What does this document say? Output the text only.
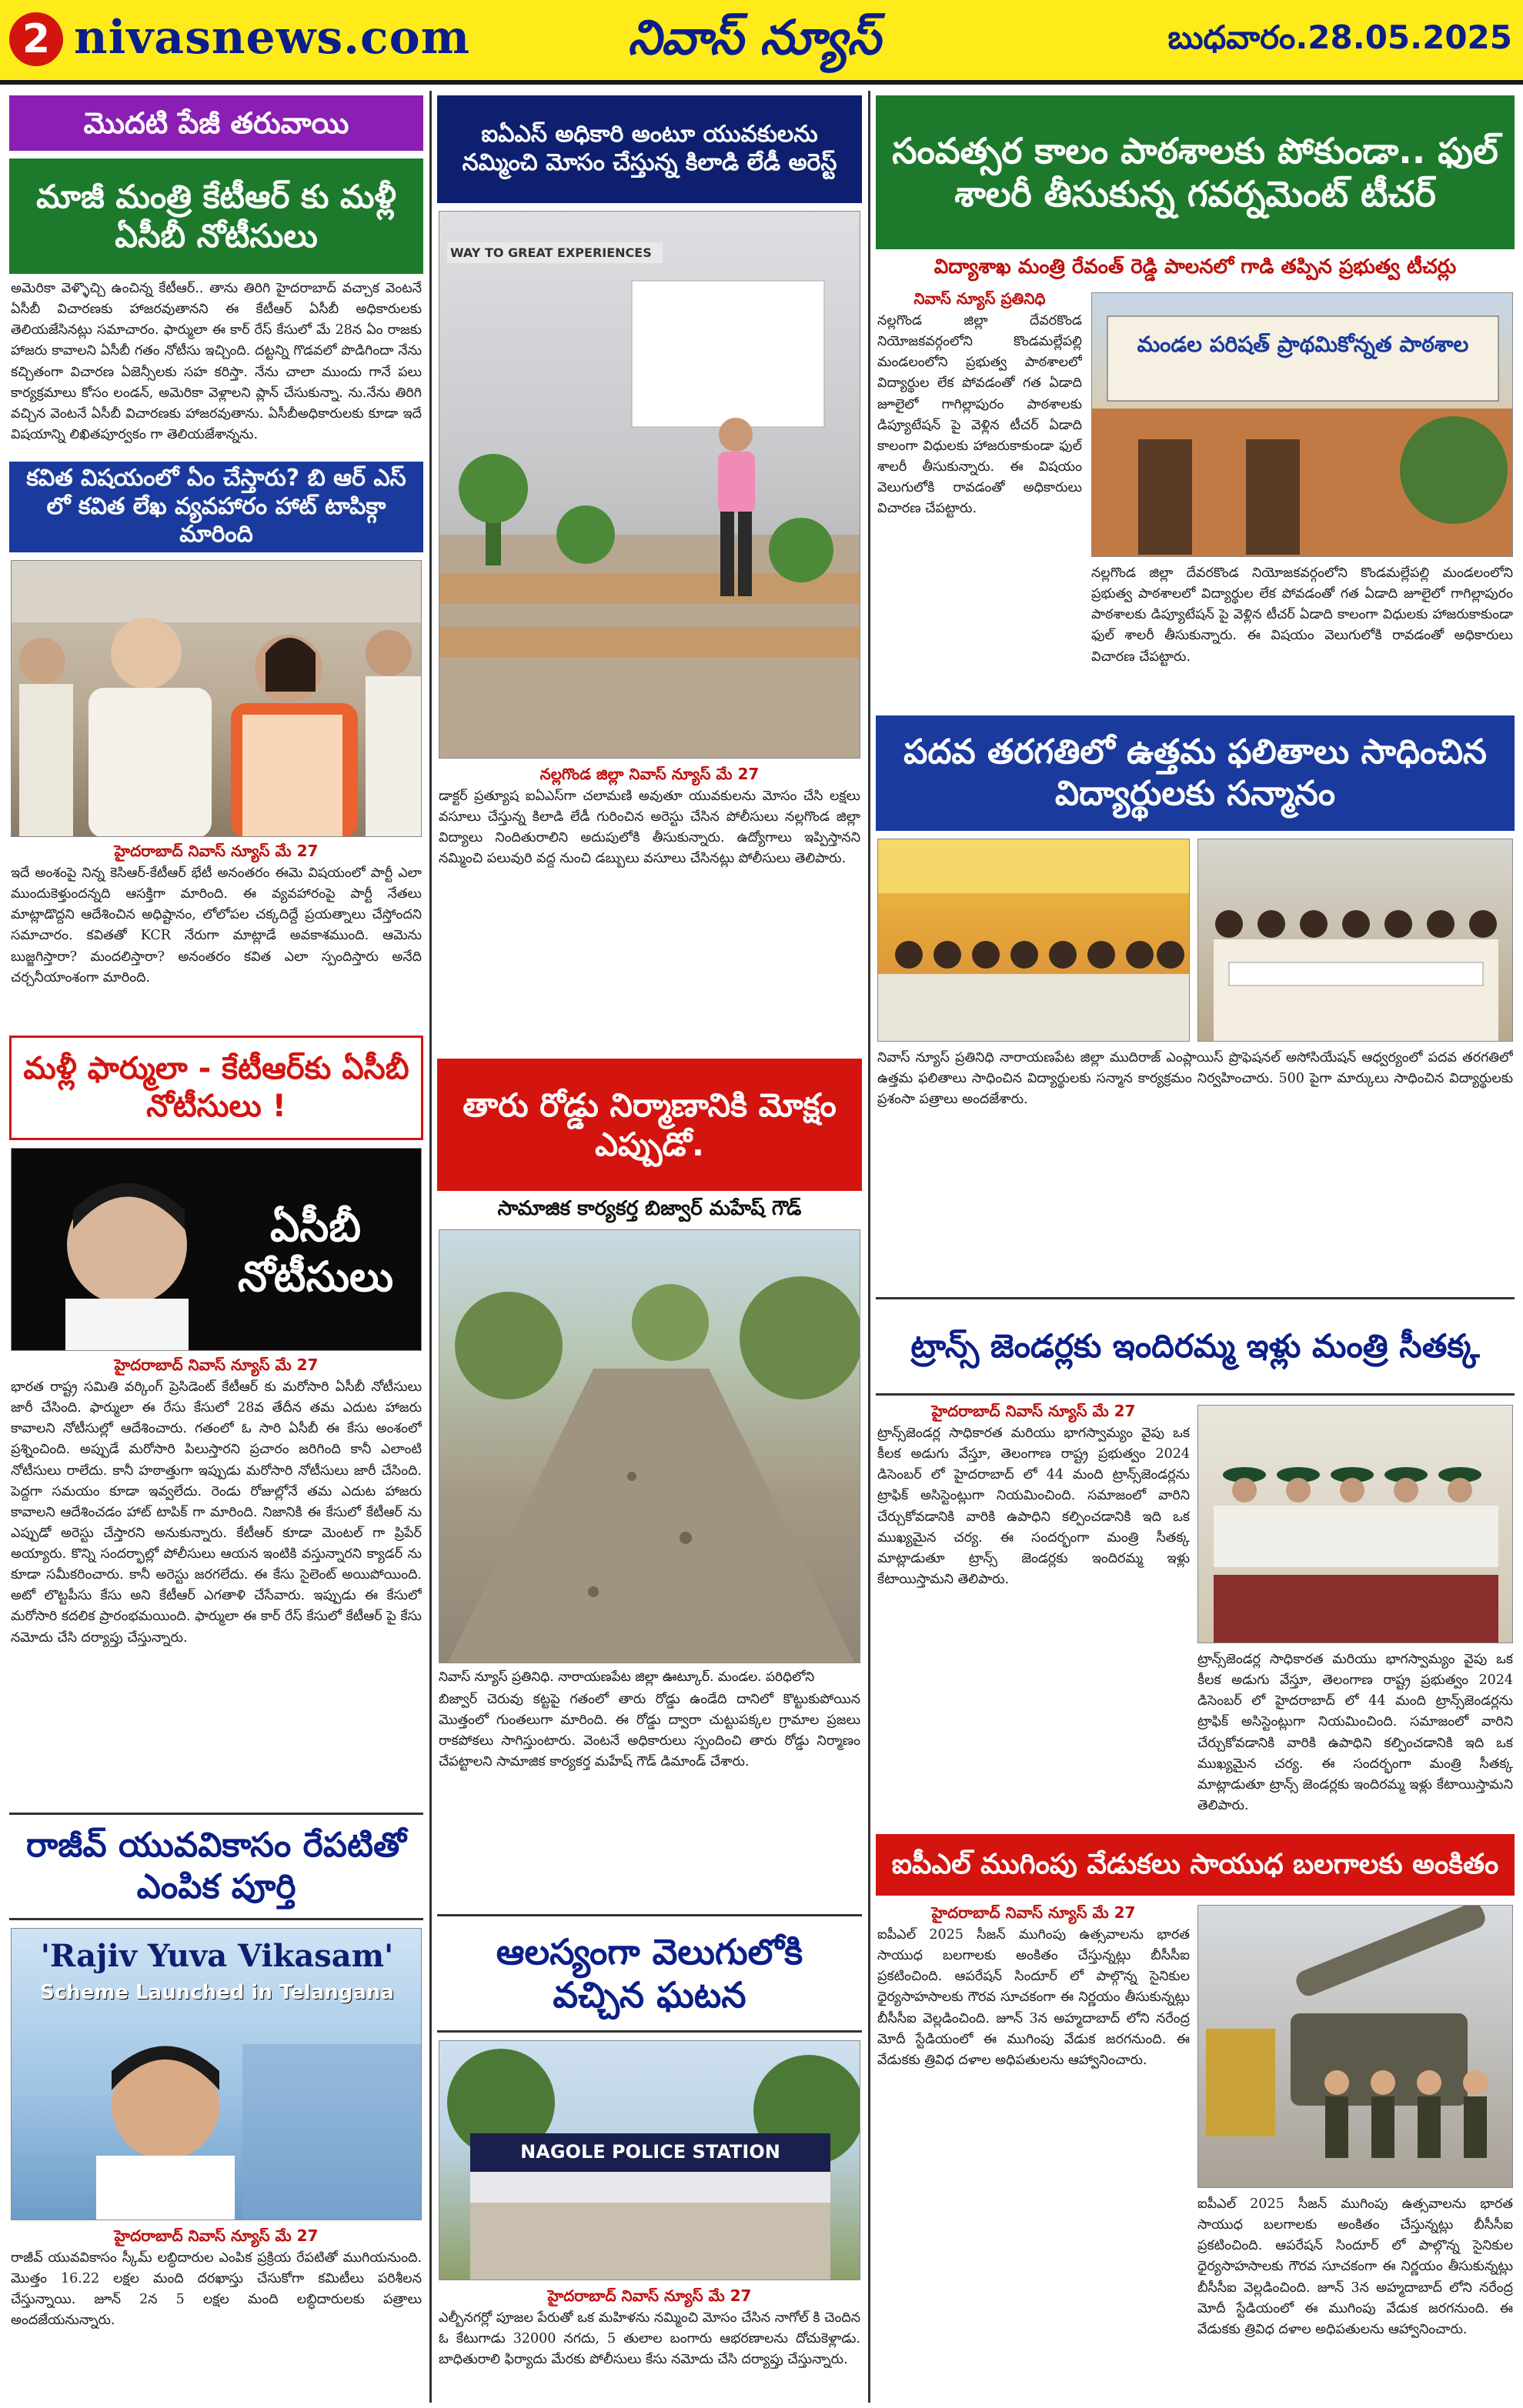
2 nivasnews.com	నివాస్ న్యూస్	బుధవారం.28.05.2025
మొదటి పేజీ తరువాయి
మాజీ మంత్రి కేటీఆర్ కు మళ్లీ ఏసీబీ నోటీసులు
అమెరికా వెళ్ళొచ్చి ఉంచిన్న కేటీఆర్.. తాను తిరిగి హైదరాబాద్ వచ్చాక వెంటనే ఏసీబీ విచారణకు హాజరవుతానని ఈ కేటీఆర్ ఏసీబీ అధికారులకు తెలియజేసినట్లు సమాచారం. ఫార్ములా ఈ కార్ రేస్ కేసులో మే 28న ఏం రాజకు హాజరు కావాలని ఏసీబీ గతం నోటీసు ఇచ్చింది. దట్టన్ని గొడవలో పొడిగిందా నేను కచ్చితంగా విచారణ ఏజెన్సీలకు సహ కరిస్తా. నేను చాలా ముందు గానే పలు కార్యక్రమాలు కోసం లండన్, అమెరికా వెళ్లాలని ప్లాన్ చేసుకున్నా. ను.నేను తిరిగి వచ్చిన వెంటనే ఏసీబీ విచారణకు హాజరవుతాను. ఏసీబీఅధికారులకు కూడా ఇదే విషయాన్ని లిఖితపూర్వకం గా తెలియజేశాన్నను.
కవిత విషయంలో ఏం చేస్తారు? బి ఆర్ ఎస్ లో కవిత లేఖ వ్యవహారం హాట్ టాపిక్గా మారింది
హైదరాబాద్ నివాస్ న్యూస్ మే 27
ఇదే అంశంపై నిన్న కెసిఆర్-కేటీఆర్ భేటీ అనంతరం ఈమె విషయంలో పార్టీ ఎలా ముందుకెళ్తుందన్నది ఆసక్తిగా మారింది. ఈ వ్యవహారంపై పార్టీ నేతలు మాట్లాడొద్దని ఆదేశించిన అధిష్టానం, లోలోపల చక్కదిద్దే ప్రయత్నాలు చేస్తోందని సమాచారం. కవితతో KCR నేరుగా మాట్లాడే అవకాశముంది. ఆమెను బుజ్జగిస్తారా? మందలిస్తారా? అనంతరం కవిత ఎలా స్పందిస్తారు అనేది చర్చనీయాంశంగా మారింది.
మళ్లీ ఫార్ములా - కేటీఆర్‌కు ఏసీబీ నోటీసులు !
ఏసీబీ నోటీసులు
హైదరాబాద్ నివాస్ న్యూస్ మే 27
భారత రాష్ట్ర సమితి వర్కింగ్ ప్రెసిడెంట్ కేటీఆర్ కు మరోసారి ఏసీబీ నోటీసులు జారీ చేసింది. ఫార్ములా ఈ రేసు కేసులో 28వ తేదీన తమ ఎదుట హాజరు కావాలని నోటీసుల్లో ఆదేశించారు. గతంలో ఓ సారి ఏసీబీ ఈ కేసు అంశంలో ప్రశ్నించింది. అప్పుడే మరోసారి పిలుస్తారని ప్రచారం జరిగింది కానీ ఎలాంటి నోటీసులు రాలేదు. కానీ హఠాత్తుగా ఇప్పుడు మరోసారి నోటీసులు జారీ చేసింది. పెద్దగా సమయం కూడా ఇవ్వలేదు. రెండు రోజుల్లోనే తమ ఎదుట హాజరు కావాలని ఆదేశించడం హాట్ టాపిక్ గా మారింది. నిజానికి ఈ కేసులో కేటీఆర్ ను ఎప్పుడో అరెస్టు చేస్తారని అనుకున్నారు. కేటీఆర్ కూడా మెంటల్ గా ప్రిపేర్ అయ్యారు. కొన్ని సందర్భాల్లో పోలీసులు ఆయన ఇంటికి వస్తున్నారని క్యాడర్ ను కూడా సమీకరించారు. కానీ అరెస్టు జరగలేదు. ఈ కేసు సైలెంట్ అయిపోయింది. అటో లొట్టపీసు కేసు అని కేటీఆర్ ఎగతాళి చేసేవారు. ఇప్పుడు ఈ కేసులో మరోసారి కదలిక ప్రారంభమయింది. ఫార్ములా ఈ కార్ రేస్ కేసులో కేటీఆర్ పై కేసు నమోదు చేసి దర్యాప్తు చేస్తున్నారు.
రాజీవ్ యువవికాసం రేపటితో ఎంపిక పూర్తి
'Rajiv Yuva Vikasam'
Scheme Launched in Telangana
హైదరాబాద్ నివాస్ న్యూస్ మే 27
రాజీవ్ యువవికాసం స్కీమ్ లబ్ధిదారుల ఎంపిక ప్రక్రియ రేపటితో ముగియనుంది. మొత్తం 16.22 లక్షల మంది దరఖాస్తు చేసుకోగా కమిటీలు పరిశీలన చేస్తున్నాయి. జూన్ 2న 5 లక్షల మంది లబ్ధిదారులకు పత్రాలు అందజేయనున్నారు.
ఐఏఎస్ అధికారి అంటూ యువకులను నమ్మించి మోసం చేస్తున్న కిలాడి లేడీ అరెస్ట్
WAY TO GREAT EXPERIENCES
నల్లగొండ జిల్లా నివాస్ న్యూస్ మే 27
డాక్టర్ ప్రత్యూష ఐఏఎస్‌గా చలామణి అవుతూ యువకులను మోసం చేసి లక్షలు వసూలు చేస్తున్న కిలాడి లేడీ గురించిన అరెస్టు చేసిన పోలీసులు నల్లగొండ జిల్లా విద్యాలు నిందితురాలిని అదుపులోకి తీసుకున్నారు. ఉద్యోగాలు ఇప్పిస్తానని నమ్మించి పలువురి వద్ద నుంచి డబ్బులు వసూలు చేసినట్లు పోలీసులు తెలిపారు.
తారు రోడ్డు నిర్మాణానికి మోక్షం ఎప్పుడో.
సామాజిక కార్యకర్త బిజ్వార్ మహేష్ గౌడ్
నివాస్ న్యూస్ ప్రతినిధి. నారాయణపేట జిల్లా ఊట్కూర్. మండల. పరిధిలోని
బిజ్వార్ చెరువు కట్టపై గతంలో తారు రోడ్డు ఉండేది దానిలో కొట్టుకుపోయిన మొత్తంలో గుంతలుగా మారింది. ఈ రోడ్డు ద్వారా చుట్టుపక్కల గ్రామాల ప్రజలు రాకపోకలు సాగిస్తుంటారు. వెంటనే అధికారులు స్పందించి తారు రోడ్డు నిర్మాణం చేపట్టాలని సామాజిక కార్యకర్త మహేష్ గౌడ్ డిమాండ్ చేశారు.
ఆలస్యంగా వెలుగులోకి వచ్చిన ఘటన
NAGOLE POLICE STATION
హైదరాబాద్ నివాస్ న్యూస్ మే 27
ఎల్బీనగర్లో పూజల పేరుతో ఒక మహిళను నమ్మించి మోసం చేసిన నాగోల్ కి చెందిన ఓ కేటుగాడు 32000 నగదు, 5 తులాల బంగారు ఆభరణాలను దోచుకెళ్లాడు. బాధితురాలి ఫిర్యాదు మేరకు పోలీసులు కేసు నమోదు చేసి దర్యాప్తు చేస్తున్నారు.
సంవత్సర కాలం పాఠశాలకు పోకుండా.. ఫుల్ శాలరీ తీసుకున్న గవర్నమెంట్ టీచర్
విద్యాశాఖ మంత్రి రేవంత్ రెడ్డి పాలనలో గాడి తప్పిన ప్రభుత్వ టీచర్లు
నివాస్ న్యూస్ ప్రతినిధి
నల్లగొండ జిల్లా దేవరకొండ నియోజకవర్గంలోని కొండమల్లేపల్లి మండలంలోని ప్రభుత్వ పాఠశాలలో విద్యార్థుల లేక పోవడంతో గత ఏడాది జూలైలో గాగిల్లాపురం పాఠశాలకు డిప్యూటేషన్ పై వెళ్లిన టీచర్ ఏడాది కాలంగా విధులకు హాజరుకాకుండా ఫుల్ శాలరీ తీసుకున్నారు. ఈ విషయం వెలుగులోకి రావడంతో అధికారులు విచారణ చేపట్టారు.
మండల పరిషత్ ప్రాథమికోన్నత పాఠశాల
నల్లగొండ జిల్లా దేవరకొండ నియోజకవర్గంలోని కొండమల్లేపల్లి మండలంలోని ప్రభుత్వ పాఠశాలలో విద్యార్థుల లేక పోవడంతో గత ఏడాది జూలైలో గాగిల్లాపురం పాఠశాలకు డిప్యూటేషన్ పై వెళ్లిన టీచర్ ఏడాది కాలంగా విధులకు హాజరుకాకుండా ఫుల్ శాలరీ తీసుకున్నారు. ఈ విషయం వెలుగులోకి రావడంతో అధికారులు విచారణ చేపట్టారు.
పదవ తరగతిలో ఉత్తమ ఫలితాలు సాధించిన విద్యార్థులకు సన్మానం
నివాస్ న్యూస్ ప్రతినిధి నారాయణపేట జిల్లా ముదిరాజ్ ఎంప్లాయిస్ ప్రొఫెషనల్ అసోసియేషన్ ఆధ్వర్యంలో పదవ తరగతిలో ఉత్తమ ఫలితాలు సాధించిన విద్యార్థులకు సన్మాన కార్యక్రమం నిర్వహించారు. 500 పైగా మార్కులు సాధించిన విద్యార్థులకు ప్రశంసా పత్రాలు అందజేశారు.
ట్రాన్స్ జెండర్లకు ఇందిరమ్మ ఇళ్లు మంత్రి సీతక్క
హైదరాబాద్ నివాస్ న్యూస్ మే 27
ట్రాన్స్‌జెండర్ల సాధికారత మరియు భాగస్వామ్యం వైపు ఒక కీలక అడుగు వేస్తూ, తెలంగాణ రాష్ట్ర ప్రభుత్వం 2024 డిసెంబర్ లో హైదరాబాద్ లో 44 మంది ట్రాన్స్‌జెండర్లను ట్రాఫిక్ అసిస్టెంట్లుగా నియమించింది. సమాజంలో వారిని చేర్చుకోవడానికి వారికి ఉపాధిని కల్పించడానికి ఇది ఒక ముఖ్యమైన చర్య. ఈ సందర్భంగా మంత్రి సీతక్క మాట్లాడుతూ ట్రాన్స్ జెండర్లకు ఇందిరమ్మ ఇళ్లు కేటాయిస్తామని తెలిపారు.
ట్రాన్స్‌జెండర్ల సాధికారత మరియు భాగస్వామ్యం వైపు ఒక కీలక అడుగు వేస్తూ, తెలంగాణ రాష్ట్ర ప్రభుత్వం 2024 డిసెంబర్ లో హైదరాబాద్ లో 44 మంది ట్రాన్స్‌జెండర్లను ట్రాఫిక్ అసిస్టెంట్లుగా నియమించింది. సమాజంలో వారిని చేర్చుకోవడానికి వారికి ఉపాధిని కల్పించడానికి ఇది ఒక ముఖ్యమైన చర్య. ఈ సందర్భంగా మంత్రి సీతక్క మాట్లాడుతూ ట్రాన్స్ జెండర్లకు ఇందిరమ్మ ఇళ్లు కేటాయిస్తామని తెలిపారు.
ఐపీఎల్ ముగింపు వేడుకలు సాయుధ బలగాలకు అంకితం
హైదరాబాద్ నివాస్ న్యూస్ మే 27
ఐపీఎల్ 2025 సీజన్ ముగింపు ఉత్సవాలను భారత సాయుధ బలగాలకు అంకితం చేస్తున్నట్లు బీసీసీఐ ప్రకటించింది. ఆపరేషన్ సిందూర్ లో పాల్గొన్న సైనికుల ధైర్యసాహసాలకు గౌరవ సూచకంగా ఈ నిర్ణయం తీసుకున్నట్లు బీసీసీఐ వెల్లడించింది. జూన్ 3న అహ్మదాబాద్ లోని నరేంద్ర మోదీ స్టేడియంలో ఈ ముగింపు వేడుక జరగనుంది. ఈ వేడుకకు త్రివిధ దళాల అధిపతులను ఆహ్వానించారు.
ఐపీఎల్ 2025 సీజన్ ముగింపు ఉత్సవాలను భారత సాయుధ బలగాలకు అంకితం చేస్తున్నట్లు బీసీసీఐ ప్రకటించింది. ఆపరేషన్ సిందూర్ లో పాల్గొన్న సైనికుల ధైర్యసాహసాలకు గౌరవ సూచకంగా ఈ నిర్ణయం తీసుకున్నట్లు బీసీసీఐ వెల్లడించింది. జూన్ 3న అహ్మదాబాద్ లోని నరేంద్ర మోదీ స్టేడియంలో ఈ ముగింపు వేడుక జరగనుంది. ఈ వేడుకకు త్రివిధ దళాల అధిపతులను ఆహ్వానించారు.
